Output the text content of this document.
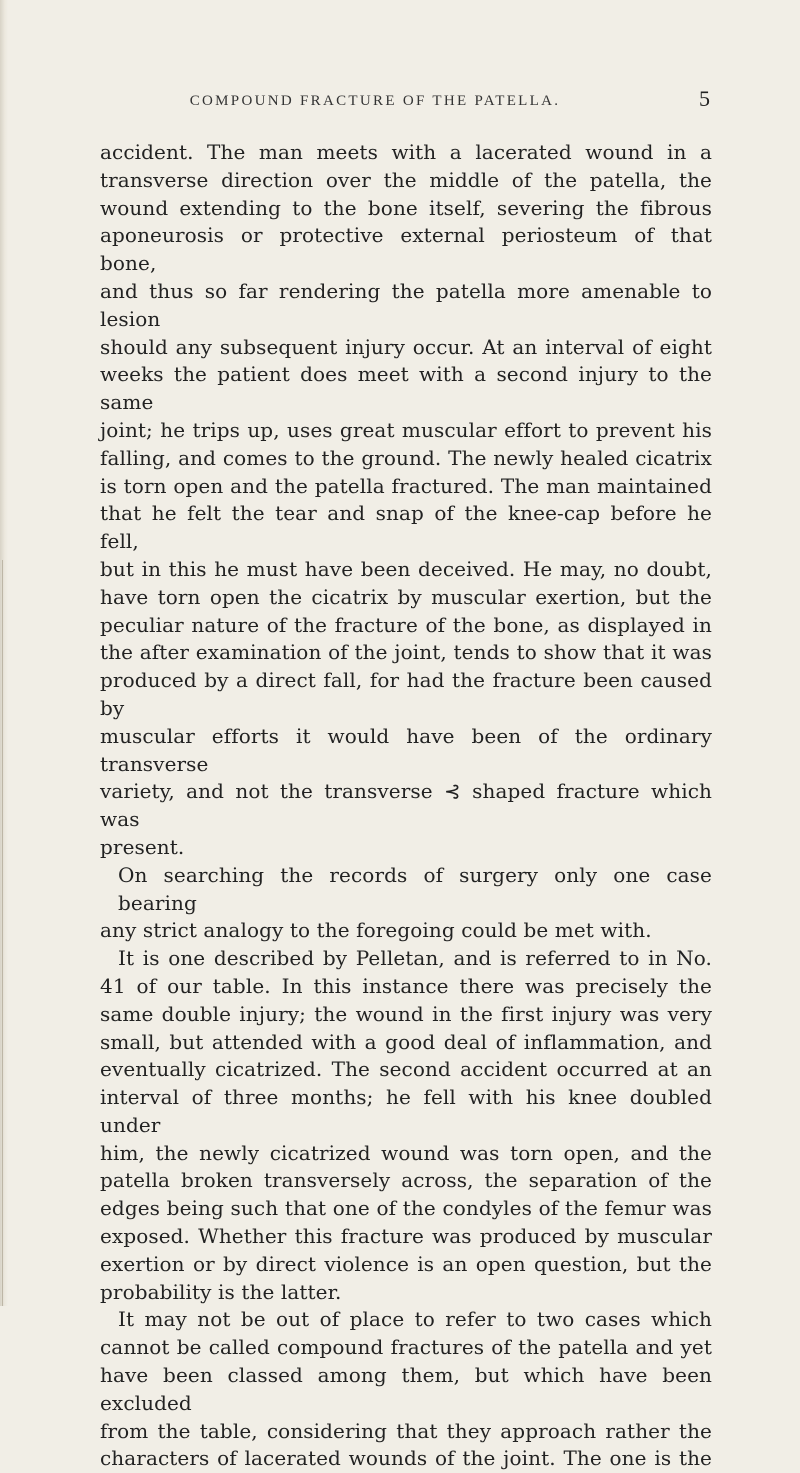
COMPOUND FRACTURE OF THE PATELLA.	5

accident. The man meets with a lacerated wound in a

transverse direction over the middle of the patella, the

wound extending to the bone itself, severing the fibrous

aponeurosis or protective external periosteum of that bone,

and thus so far rendering the patella more amenable to lesion

should any subsequent injury occur. At an interval of eight

weeks the patient does meet with a second injury to the same

joint; he trips up, uses great muscular effort to prevent his

falling, and comes to the ground. The newly healed cicatrix

is torn open and the patella fractured. The man maintained

that he felt the tear and snap of the knee-cap before he fell,

but in this he must have been deceived. He may, no doubt,

have torn open the cicatrix by muscular exertion, but the

peculiar nature of the fracture of the bone, as displayed in

the after examination of the joint, tends to show that it was

produced by a direct fall, for had the fracture been caused by

muscular efforts it would have been of the ordinary transverse

variety, and not the transverse ⊰ shaped fracture which was

present.

On searching the records of surgery only one case bearing

any strict analogy to the foregoing could be met with.

It is one described by Pelletan, and is referred to in No.

41 of our table. In this instance there was precisely the

same double injury; the wound in the first injury was very

small, but attended with a good deal of inflammation, and

eventually cicatrized. The second accident occurred at an

interval of three months; he fell with his knee doubled under

him, the newly cicatrized wound was torn open, and the

patella broken transversely across, the separation of the

edges being such that one of the condyles of the femur was

exposed. Whether this fracture was produced by muscular

exertion or by direct violence is an open question, but the

probability is the latter.

It may not be out of place to refer to two cases which

cannot be called compound fractures of the patella and yet

have been classed among them, but which have been excluded

from the table, considering that they approach rather the

characters of lacerated wounds of the joint. The one is the
